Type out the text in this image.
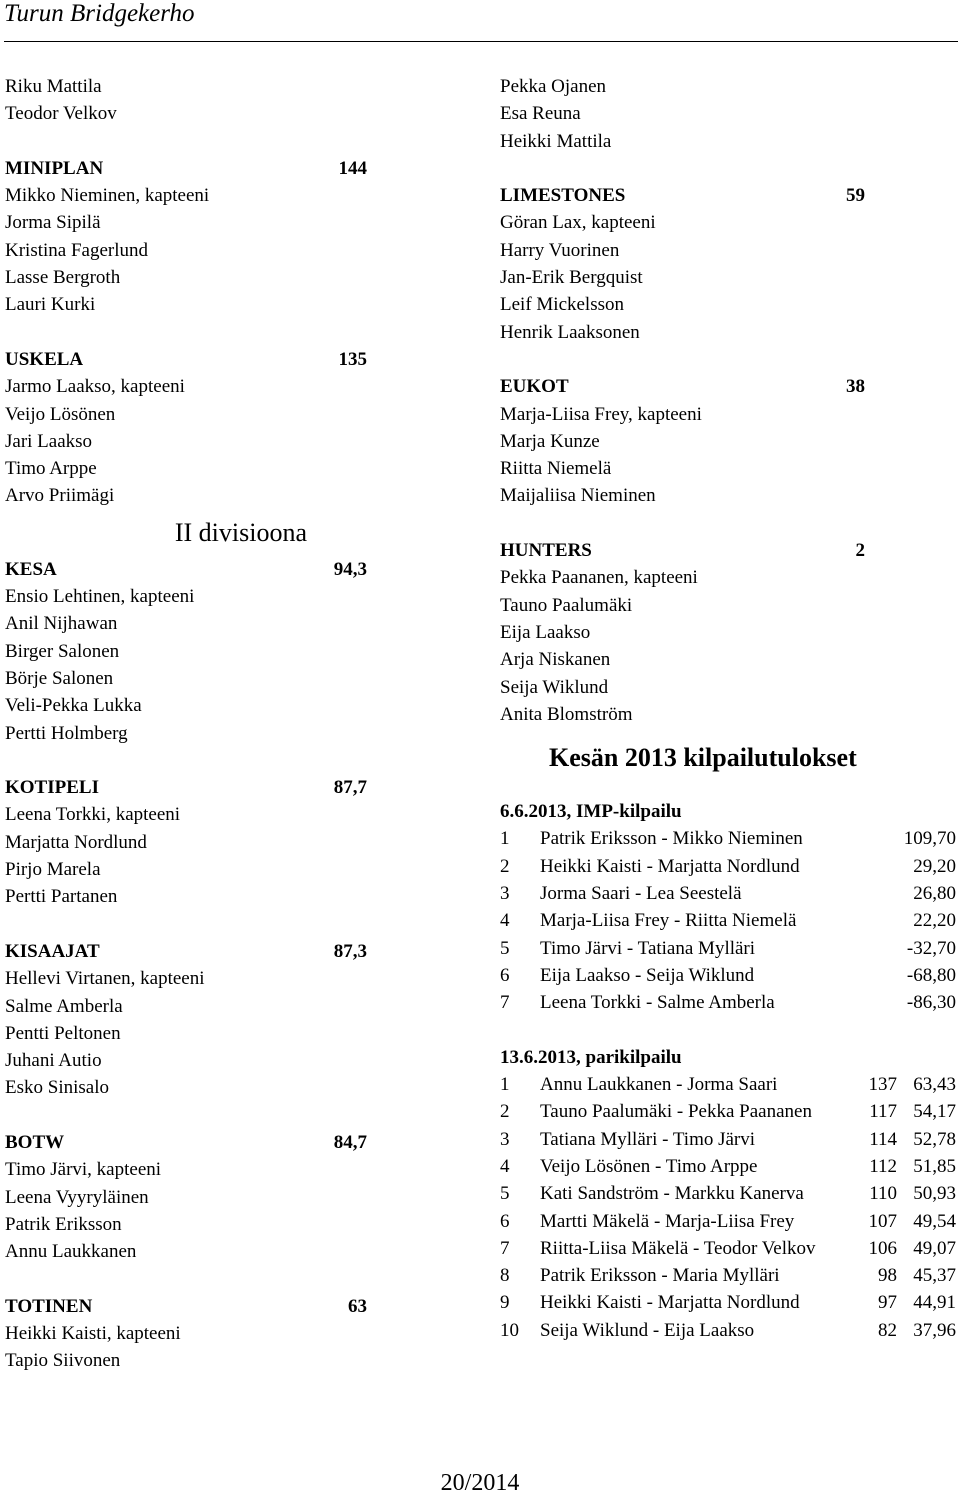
Turun Bridgekerho
Riku Mattila
Teodor Velkov
MINIPLAN	144
Mikko Nieminen, kapteeni
Jorma Sipilä
Kristina Fagerlund
Lasse Bergroth
Lauri Kurki
USKELA	135
Jarmo Laakso, kapteeni
Veijo Lösönen
Jari Laakso
Timo Arppe
Arvo Priimägi
II divisioona
KESA	94,3
Ensio Lehtinen, kapteeni
Anil Nijhawan
Birger Salonen
Börje Salonen
Veli-Pekka Lukka
Pertti Holmberg
KOTIPELI	87,7
Leena Torkki, kapteeni
Marjatta Nordlund
Pirjo Marela
Pertti Partanen
KISAAJAT	87,3
Hellevi Virtanen, kapteeni
Salme Amberla
Pentti Peltonen
Juhani Autio
Esko Sinisalo
BOTW	84,7
Timo Järvi, kapteeni
Leena Vyyryläinen
Patrik Eriksson
Annu Laukkanen
TOTINEN	63
Heikki Kaisti, kapteeni
Tapio Siivonen
Pekka Ojanen
Esa Reuna
Heikki Mattila
LIMESTONES	59
Göran Lax, kapteeni
Harry Vuorinen
Jan-Erik Bergquist
Leif Mickelsson
Henrik Laaksonen
EUKOT	38
Marja-Liisa Frey, kapteeni
Marja Kunze
Riitta Niemelä
Maijaliisa Nieminen
HUNTERS	2
Pekka Paananen, kapteeni
Tauno Paalumäki
Eija Laakso
Arja Niskanen
Seija Wiklund
Anita Blomström
Kesän 2013 kilpailutulokset
6.6.2013, IMP-kilpailu
1	Patrik Eriksson - Mikko Nieminen	109,70
2	Heikki Kaisti - Marjatta Nordlund	29,20
3	Jorma Saari - Lea Seestelä	26,80
4	Marja-Liisa Frey - Riitta Niemelä	22,20
5	Timo Järvi - Tatiana Mylläri	-32,70
6	Eija Laakso - Seija Wiklund	-68,80
7	Leena Torkki - Salme Amberla	-86,30
13.6.2013, parikilpailu
1	Annu Laukkanen - Jorma Saari	137	63,43
2	Tauno Paalumäki - Pekka Paananen	117	54,17
3	Tatiana Mylläri - Timo Järvi	114	52,78
4	Veijo Lösönen - Timo Arppe	112	51,85
5	Kati Sandström - Markku Kanerva	110	50,93
6	Martti Mäkelä - Marja-Liisa Frey	107	49,54
7	Riitta-Liisa Mäkelä - Teodor Velkov	106	49,07
8	Patrik Eriksson - Maria Mylläri	98	45,37
9	Heikki Kaisti - Marjatta Nordlund	97	44,91
10	Seija Wiklund - Eija Laakso	82	37,96
20/2014
